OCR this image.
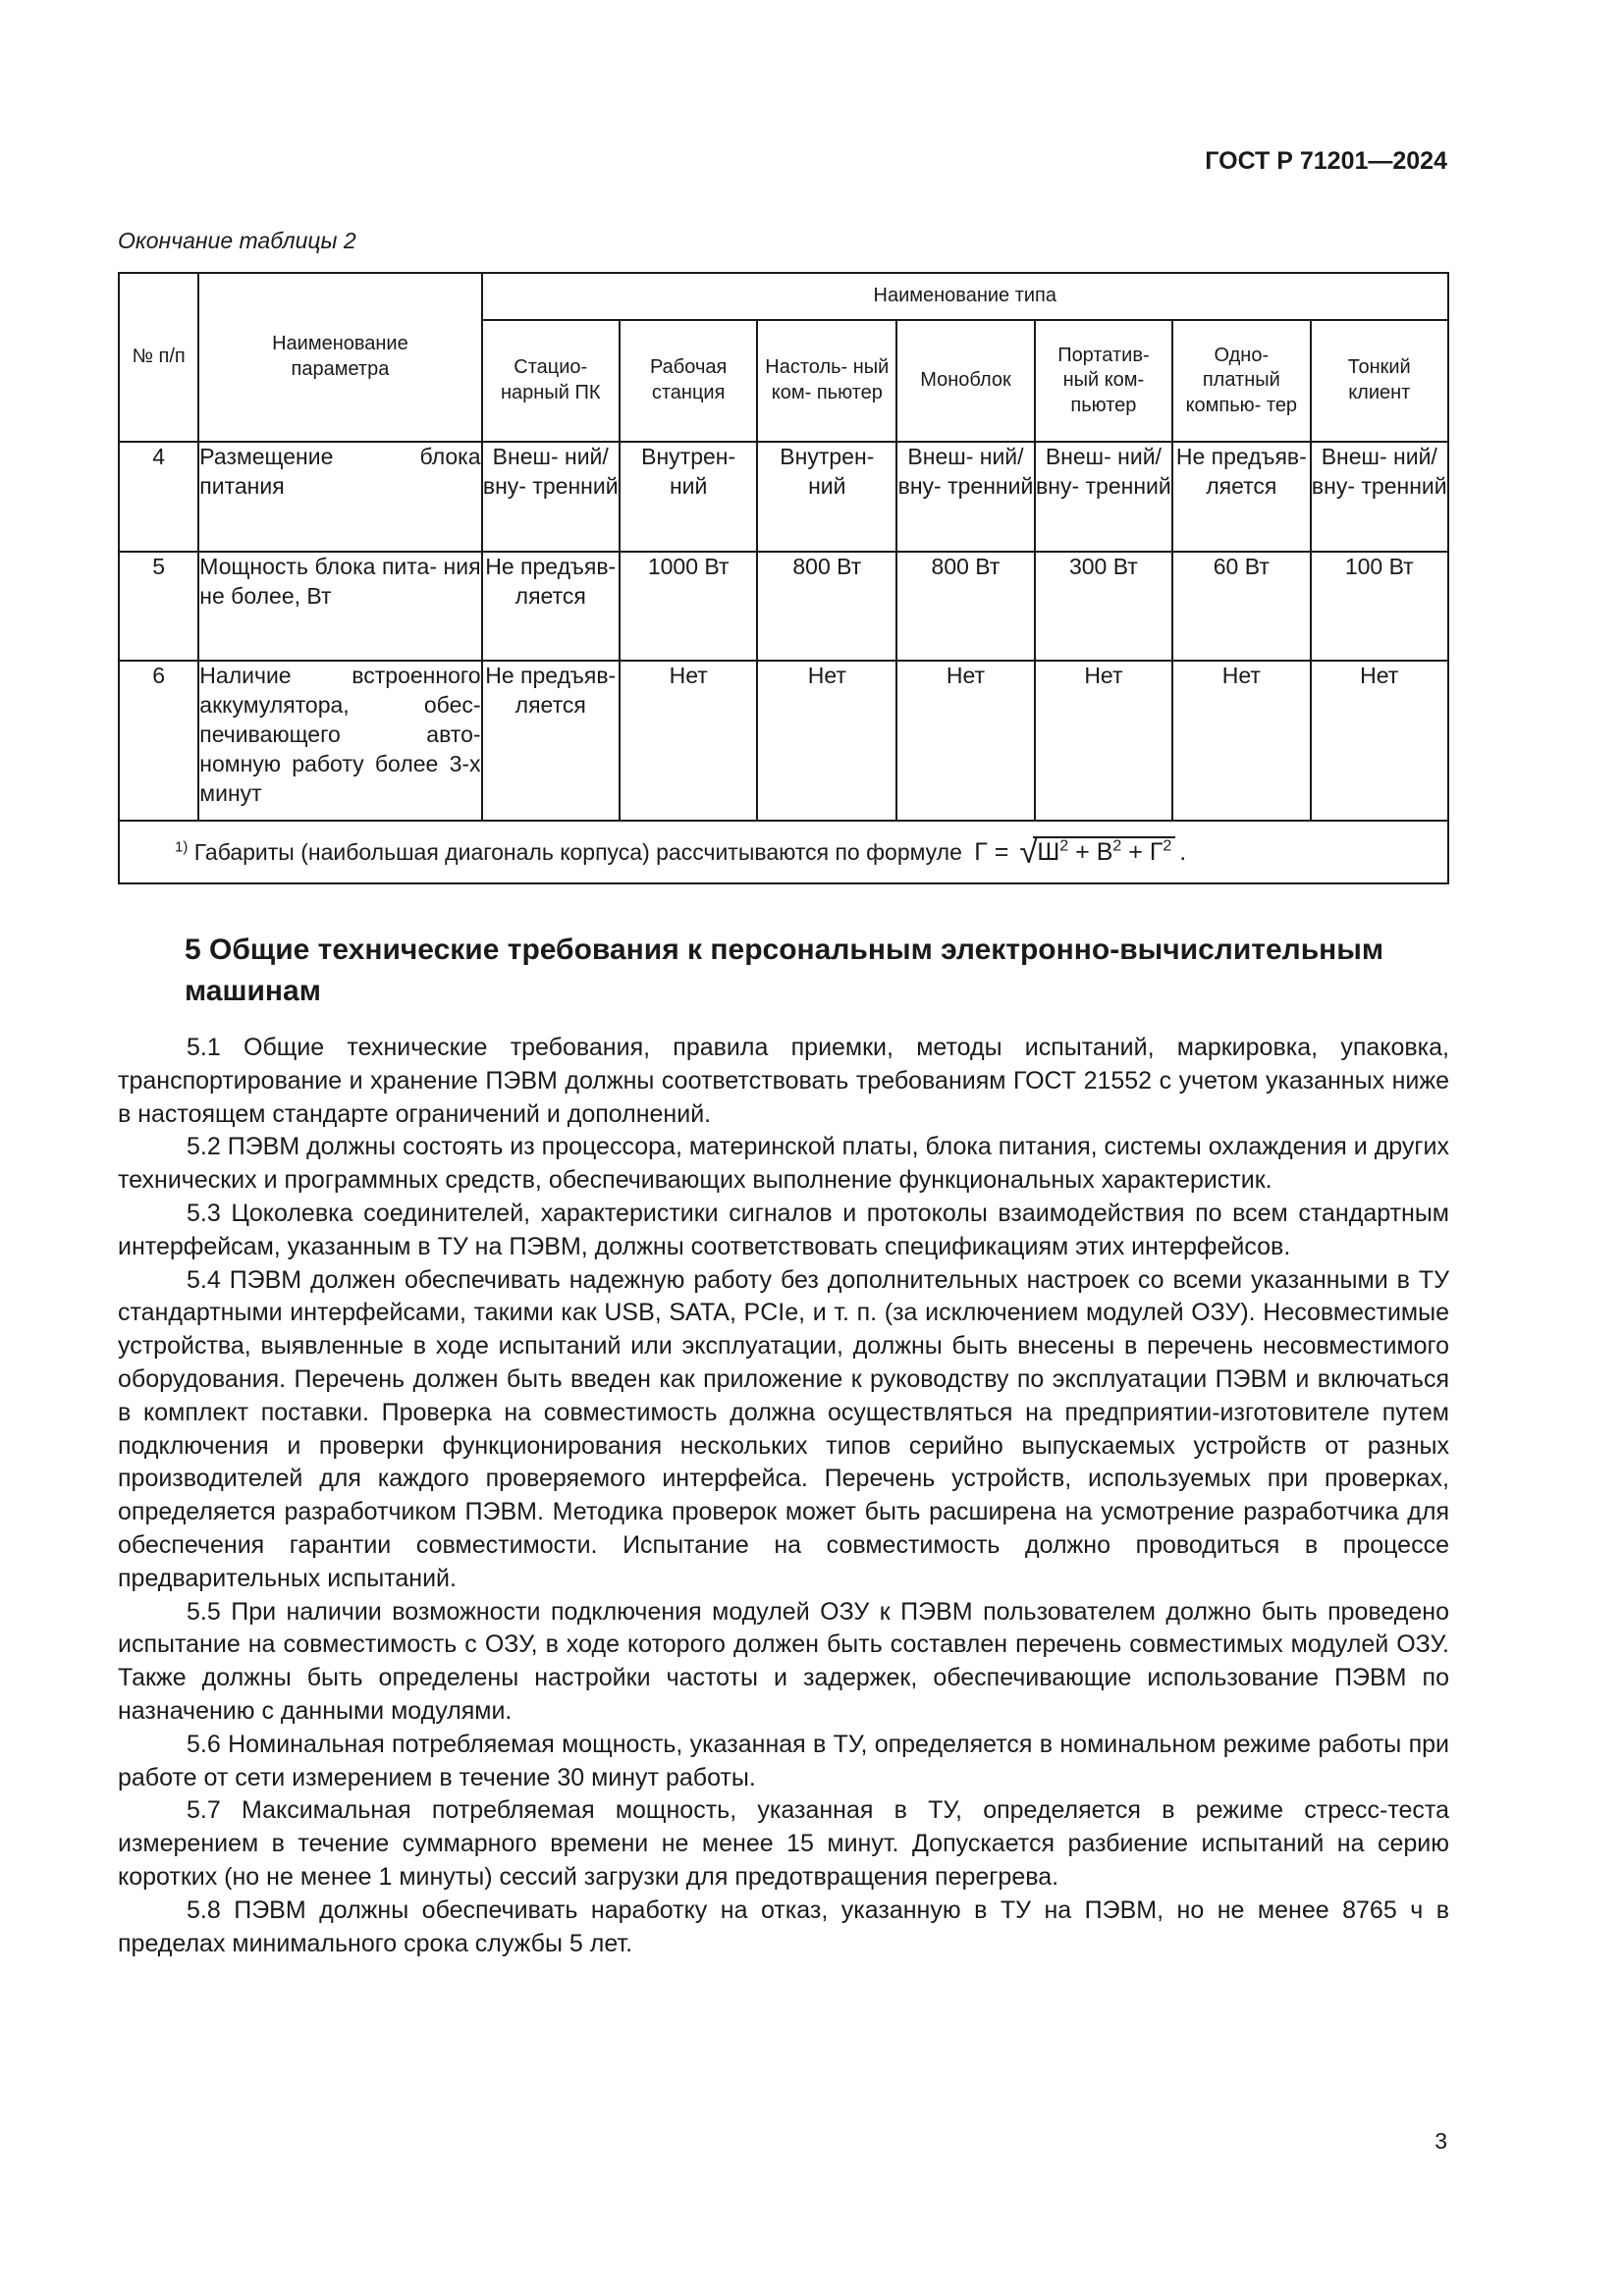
ГОСТ Р 71201—2024
Окончание таблицы 2
№ п/п	Наименование параметра	Наименование типа						

		Стацио- нарный ПК	Рабочая станция	Настоль- ный ком- пьютер	Моноблок	Портатив- ный ком- пьютер	Одно- платный компью- тер	Тонкий клиент

4	Размещение блока питания	Внеш- ний/вну- тренний	Внутрен- ний	Внутрен- ний	Внеш- ний/вну- тренний	Внеш- ний/вну- тренний	Не предъяв- ляется	Внеш- ний/вну- тренний
5	Мощность блока пита- ния не более, Вт	Не предъяв- ляется	1000 Вт	800 Вт	800 Вт	300 Вт	60 Вт	100 Вт
6	Наличие встроенного аккумулятора, обес- печивающего авто- номную работу более 3-х минут	Не предъяв- ляется	Нет	Нет	Нет	Нет	Нет	Нет
$^{1)}$ Габариты (наибольшая диагональ корпуса) рассчитываются по формуле Г = √ $Ш^2 + В^2 + Г^2$ .								
5 Общие технические требования к персональным электронно-вычислительным машинам

5.1 Общие технические требования, правила приемки, методы испытаний, маркировка, упаковка, транспортирование и хранение ПЭВМ должны соответствовать требованиям ГОСТ 21552 с учетом указанных ниже в настоящем стандарте ограничений и дополнений.

5.2 ПЭВМ должны состоять из процессора, материнской платы, блока питания, системы охлаждения и других технических и программных средств, обеспечивающих выполнение функциональных характеристик.

5.3 Цоколевка соединителей, характеристики сигналов и протоколы взаимодействия по всем стандартным интерфейсам, указанным в ТУ на ПЭВМ, должны соответствовать спецификациям этих интерфейсов.

5.4 ПЭВМ должен обеспечивать надежную работу без дополнительных настроек со всеми указанными в ТУ стандартными интерфейсами, такими как USB, SATA, PCIe, и т. п. (за исключением модулей ОЗУ). Несовместимые устройства, выявленные в ходе испытаний или эксплуатации, должны быть внесены в перечень несовместимого оборудования. Перечень должен быть введен как приложение к руководству по эксплуатации ПЭВМ и включаться в комплект поставки. Проверка на совместимость должна осуществляться на предприятии-изготовителе путем подключения и проверки функционирования нескольких типов серийно выпускаемых устройств от разных производителей для каждого проверяемого интерфейса. Перечень устройств, используемых при проверках, определяется разработчиком ПЭВМ. Методика проверок может быть расширена на усмотрение разработчика для обеспечения гарантии совместимости. Испытание на совместимость должно проводиться в процессе предварительных испытаний.

5.5 При наличии возможности подключения модулей ОЗУ к ПЭВМ пользователем должно быть проведено испытание на совместимость с ОЗУ, в ходе которого должен быть составлен перечень совместимых модулей ОЗУ. Также должны быть определены настройки частоты и задержек, обеспечивающие использование ПЭВМ по назначению с данными модулями.

5.6 Номинальная потребляемая мощность, указанная в ТУ, определяется в номинальном режиме работы при работе от сети измерением в течение 30 минут работы.

5.7 Максимальная потребляемая мощность, указанная в ТУ, определяется в режиме стресс-теста измерением в течение суммарного времени не менее 15 минут. Допускается разбиение испытаний на серию коротких (но не менее 1 минуты) сессий загрузки для предотвращения перегрева.

5.8 ПЭВМ должны обеспечивать наработку на отказ, указанную в ТУ на ПЭВМ, но не менее 8765 ч в пределах минимального срока службы 5 лет.

3
